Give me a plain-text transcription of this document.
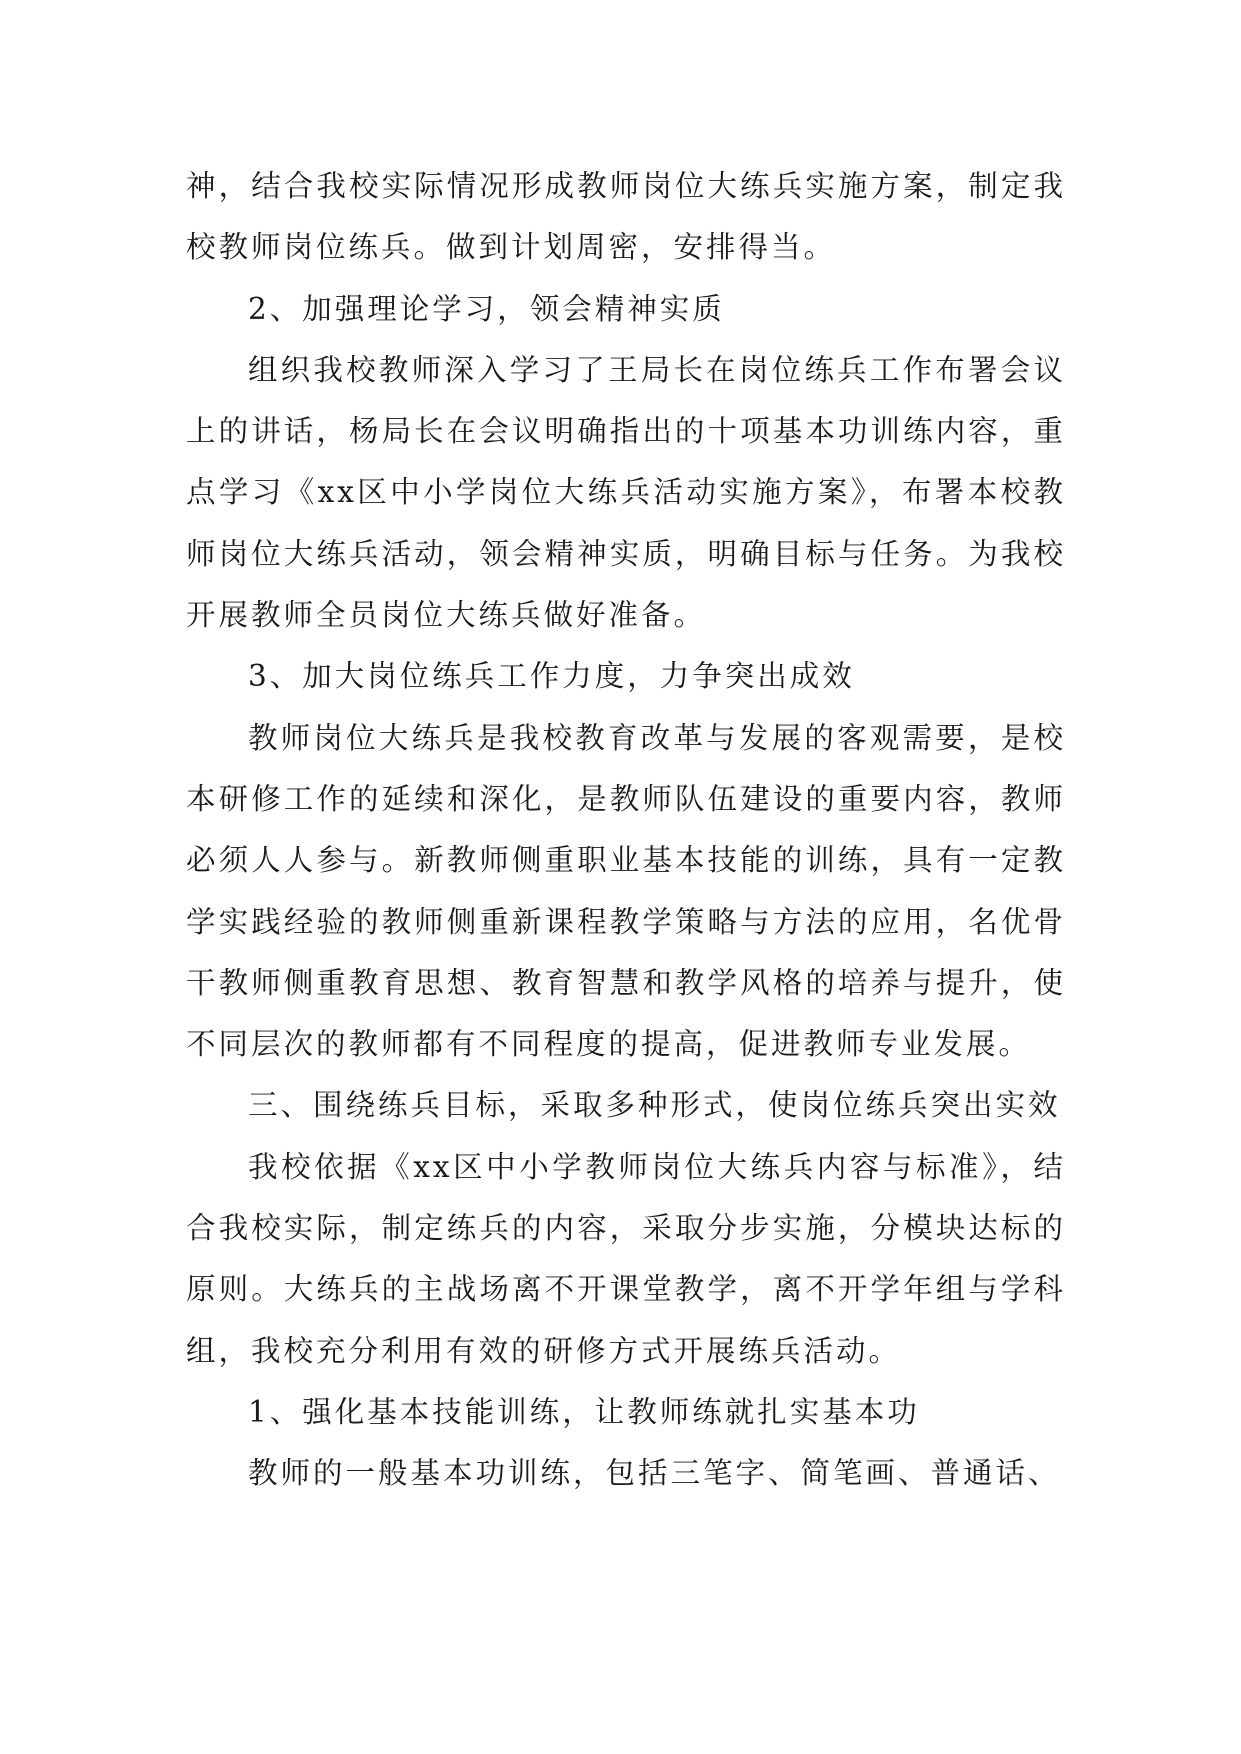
神，结合我校实际情况形成教师岗位大练兵实施方案，制定我校教师岗位练兵。做到计划周密，安排得当。

2、加强理论学习，领会精神实质

组织我校教师深入学习了王局长在岗位练兵工作布署会议上的讲话，杨局长在会议明确指出的十项基本功训练内容，重点学习《xx区中小学岗位大练兵活动实施方案》，布署本校教师岗位大练兵活动，领会精神实质，明确目标与任务。为我校开展教师全员岗位大练兵做好准备。

3、加大岗位练兵工作力度，力争突出成效

教师岗位大练兵是我校教育改革与发展的客观需要，是校本研修工作的延续和深化，是教师队伍建设的重要内容，教师必须人人参与。新教师侧重职业基本技能的训练，具有一定教学实践经验的教师侧重新课程教学策略与方法的应用，名优骨干教师侧重教育思想、教育智慧和教学风格的培养与提升，使不同层次的教师都有不同程度的提高，促进教师专业发展。

三、围绕练兵目标，采取多种形式，使岗位练兵突出实效

我校依据《xx区中小学教师岗位大练兵内容与标准》，结合我校实际，制定练兵的内容，采取分步实施，分模块达标的原则。大练兵的主战场离不开课堂教学，离不开学年组与学科组，我校充分利用有效的研修方式开展练兵活动。

1、强化基本技能训练，让教师练就扎实基本功

教师的一般基本功训练，包括三笔字、简笔画、普通话、
